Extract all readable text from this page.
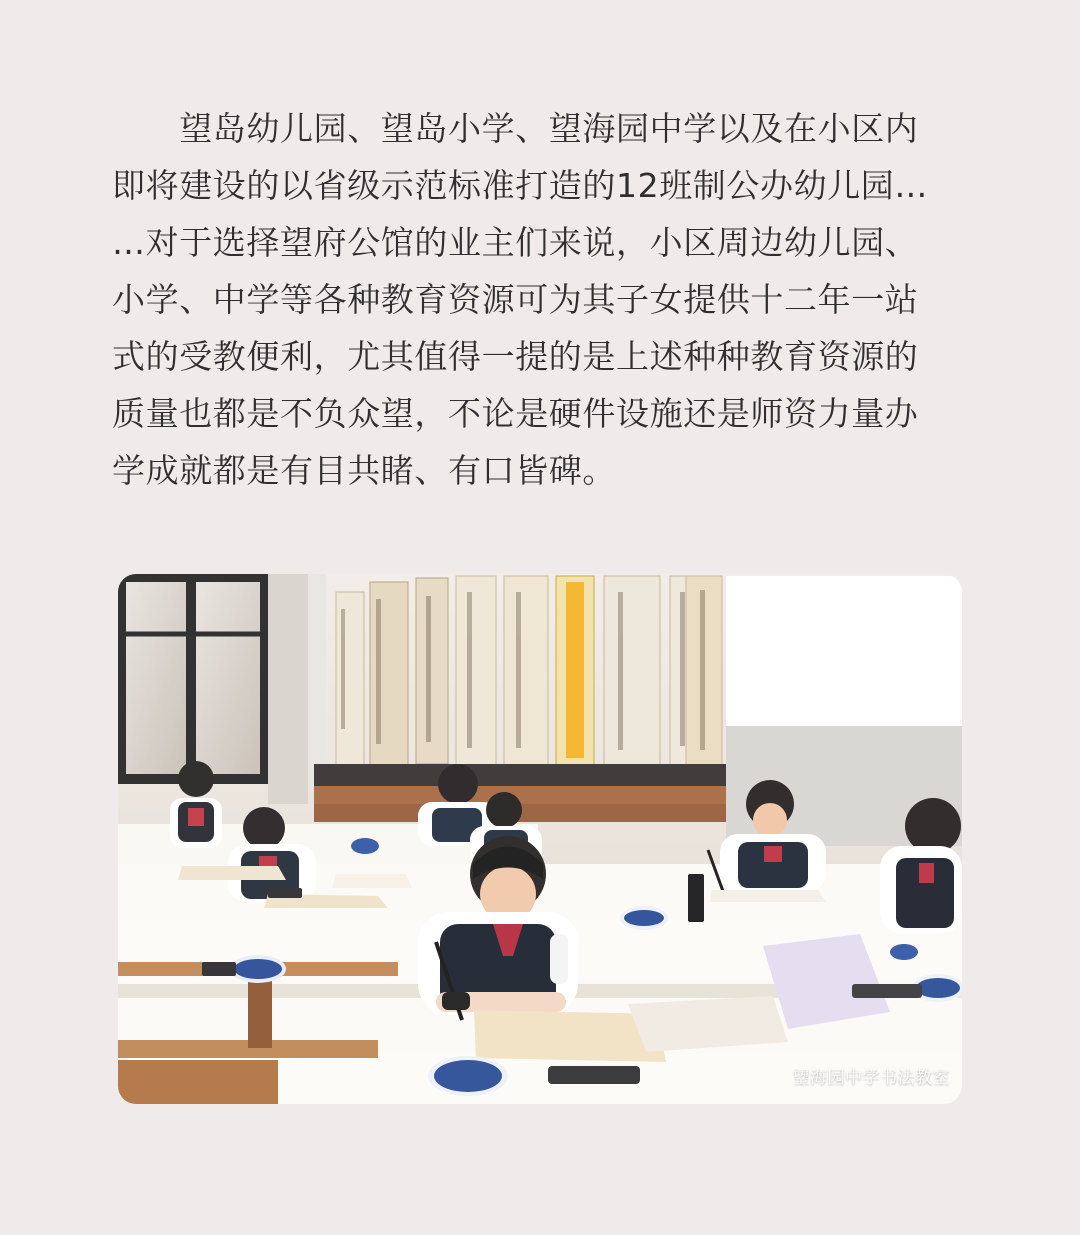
　　望岛幼儿园、望岛小学、望海园中学以及在小区内
即将建设的以省级示范标准打造的12班制公办幼儿园…
…对于选择望府公馆的业主们来说，小区周边幼儿园、
小学、中学等各种教育资源可为其子女提供十二年一站
式的受教便利，尤其值得一提的是上述种种教育资源的
质量也都是不负众望，不论是硬件设施还是师资力量办
学成就都是有目共睹、有口皆碑。
望海园中学书法教室
